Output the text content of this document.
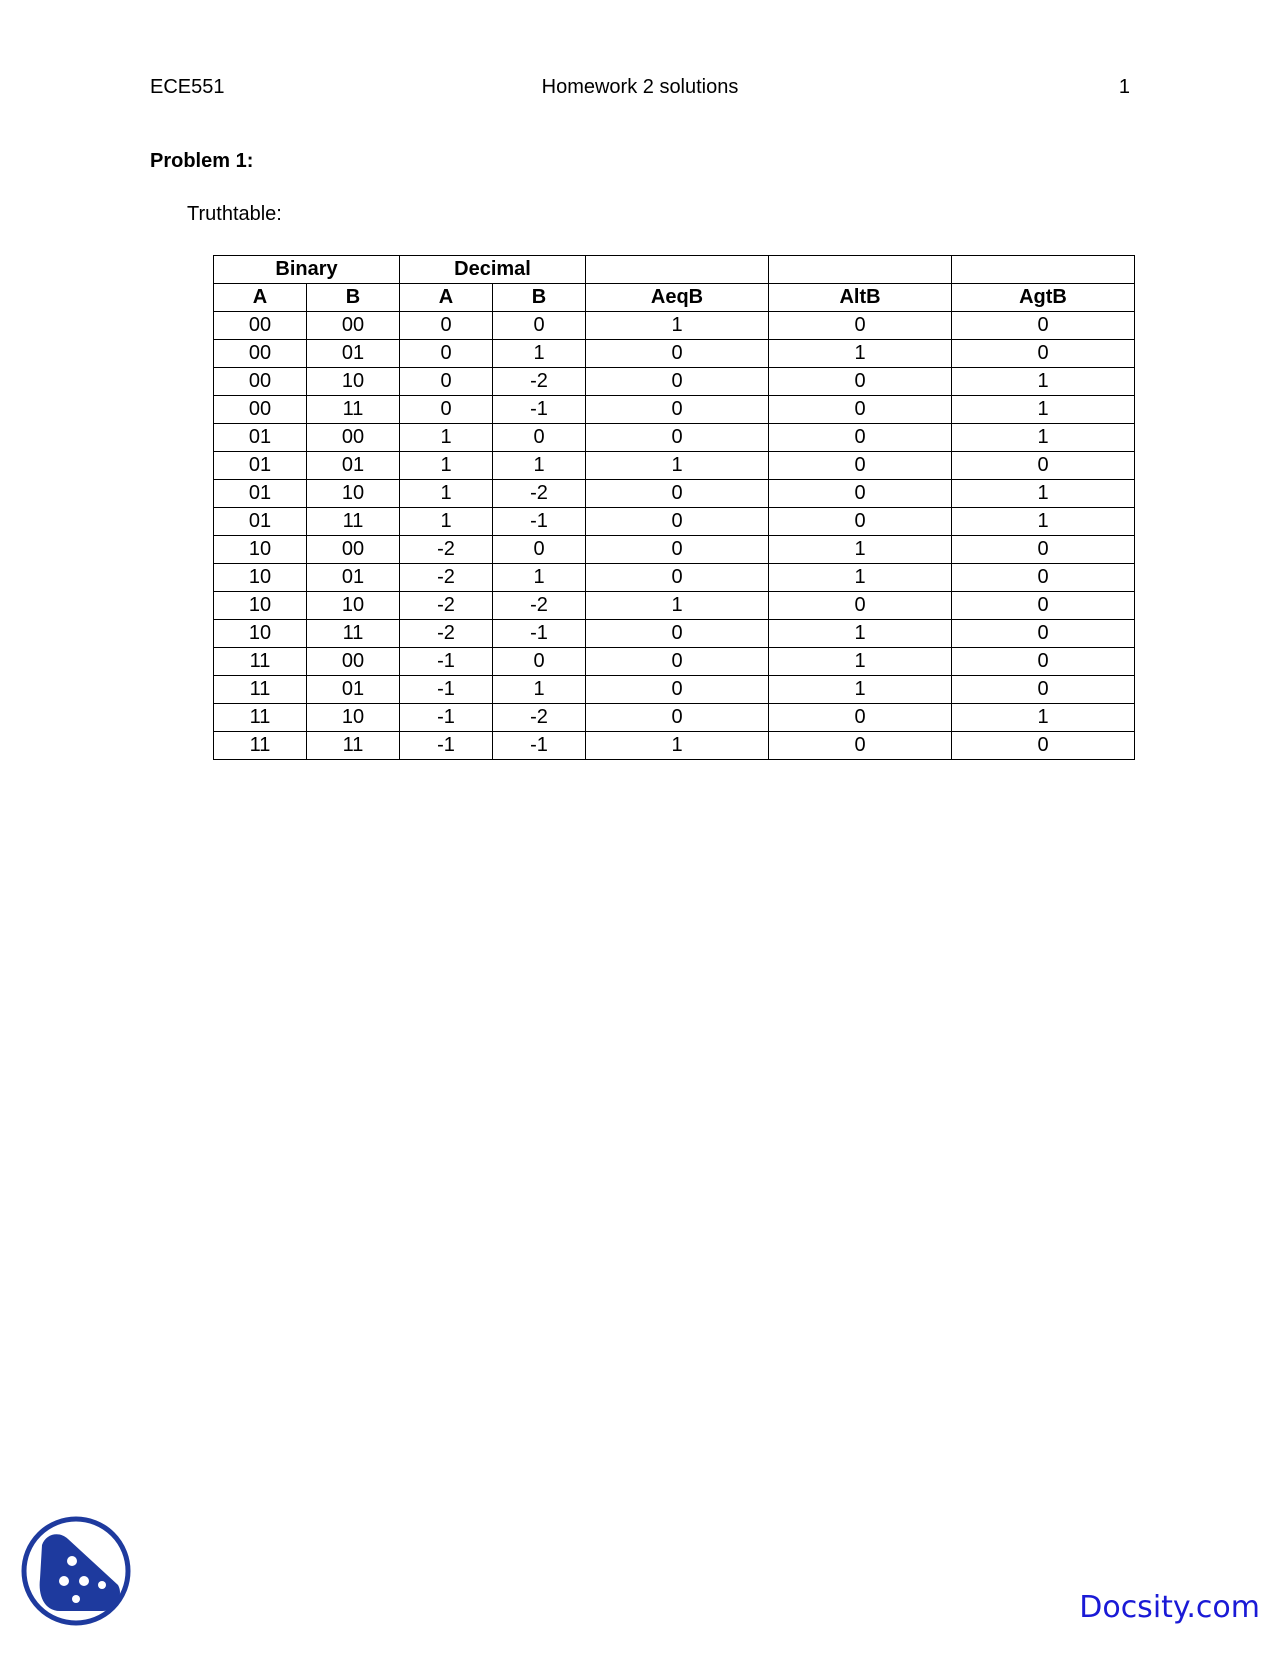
Homework 2 solutions
ECE551	1
Problem 1:
Truthtable:
Binary		Decimal				
A	B	A	B	AeqB	AltB	AgtB
00	00	0	0	1	0	0
00	01	0	1	0	1	0
00	10	0	-2	0	0	1
00	11	0	-1	0	0	1
01	00	1	0	0	0	1
01	01	1	1	1	0	0
01	10	1	-2	0	0	1
01	11	1	-1	0	0	1
10	00	-2	0	0	1	0
10	01	-2	1	0	1	0
10	10	-2	-2	1	0	0
10	11	-2	-1	0	1	0
11	00	-1	0	0	1	0
11	01	-1	1	0	1	0
11	10	-1	-2	0	0	1
11	11	-1	-1	1	0	0
Docsity.com
